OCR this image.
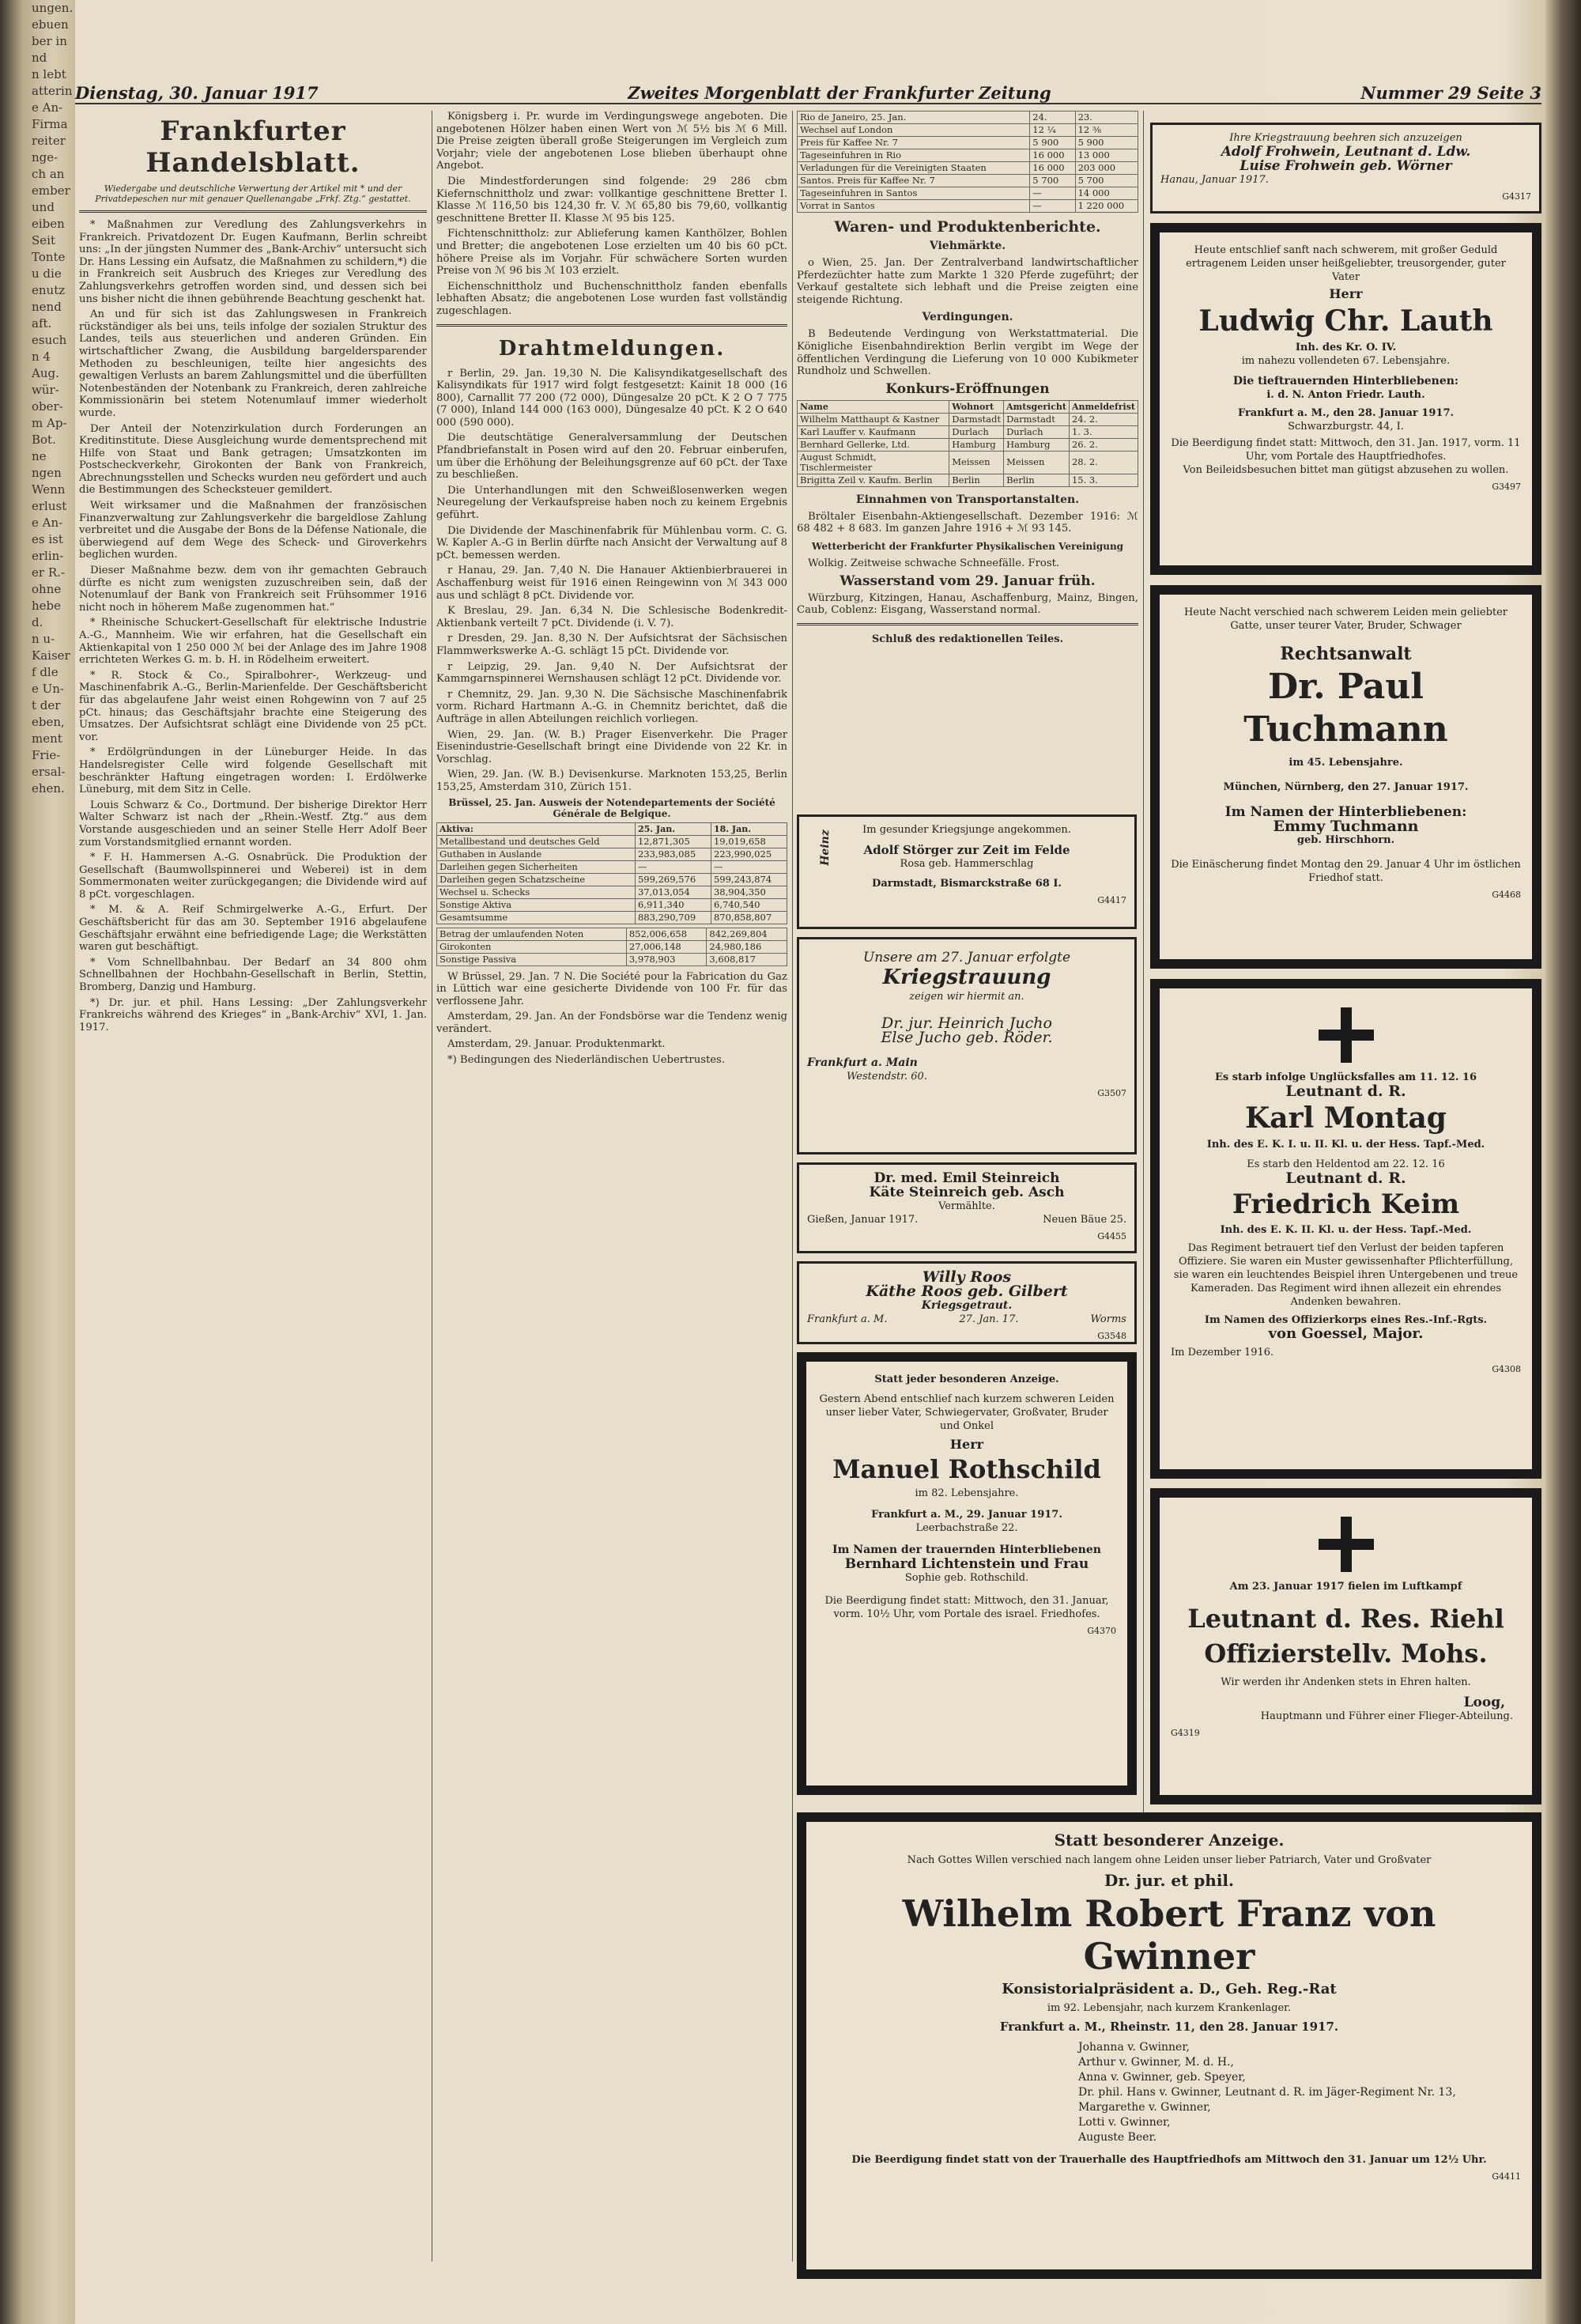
ungen.
ebuen
ber in
nd
n lebt
atterin
e An-
Firma
reiter
nge-
ch an
ember
und
eiben
Seit
Tonte
u die
enutz
nend
aft.
esuch
n 4
Aug.
wür-
ober-
m Ap-
Bot.
ne
ngen
Wenn
erlust
e An-
es ist
erlin-
er R.-
ohne
hebe
d.
n u-
Kaiser
f dle
e Un-
t der
eben,
ment
Frie-
ersal-
ehen.
Dienstag, 30. Januar 1917	Zweites Morgenblatt der Frankfurter Zeitung	Nummer 29 Seite 3
Frankfurter Handelsblatt.
Wiedergabe und deutschliche Verwertung der Artikel mit * und der Privatdepeschen nur mit genauer Quellenangabe „Frkf. Ztg.“ gestattet.

* Maßnahmen zur Veredlung des Zahlungsverkehrs in Frankreich. Privatdozent Dr. Eugen Kaufmann, Berlin schreibt uns: „In der jüngsten Nummer des „Bank-Archiv“ untersucht sich Dr. Hans Lessing ein Aufsatz, die Maßnahmen zu schildern,*) die in Frankreich seit Ausbruch des Krieges zur Veredlung des Zahlungsverkehrs getroffen worden sind, und dessen sich bei uns bisher nicht die ihnen gebührende Beachtung geschenkt hat.

An und für sich ist das Zahlungswesen in Frankreich rückständiger als bei uns, teils infolge der sozialen Struktur des Landes, teils aus steuerlichen und anderen Gründen. Ein wirtschaftlicher Zwang, die Ausbildung bargeldersparender Methoden zu beschleunigen, teilte hier angesichts des gewaltigen Verlusts an barem Zahlungsmittel und die überfüllten Notenbeständen der Notenbank zu Frankreich, deren zahlreiche Kommissionärin bei stetem Notenumlauf immer wiederholt wurde.

Der Anteil der Notenzirkulation durch Forderungen an Kreditinstitute. Diese Ausgleichung wurde dementsprechend mit Hilfe von Staat und Bank getragen; Umsatzkonten im Postscheckverkehr, Girokonten der Bank von Frankreich, Abrechnungsstellen und Schecks wurden neu gefördert und auch die Bestimmungen des Schecksteuer gemildert.

Weit wirksamer und die Maßnahmen der französischen Finanzverwaltung zur Zahlungsverkehr die bargeldlose Zahlung verbreitet und die Ausgabe der Bons de la Défense Nationale, die überwiegend auf dem Wege des Scheck- und Giroverkehrs beglichen wurden.

Dieser Maßnahme bezw. dem von ihr gemachten Gebrauch dürfte es nicht zum wenigsten zuzuschreiben sein, daß der Notenumlauf der Bank von Frankreich seit Frühsommer 1916 nicht noch in höherem Maße zugenommen hat.“

* Rheinische Schuckert-Gesellschaft für elektrische Industrie A.-G., Mannheim. Wie wir erfahren, hat die Gesellschaft ein Aktienkapital von 1 250 000 ℳ bei der Anlage des im Jahre 1908 errichteten Werkes G. m. b. H. in Rödelheim erweitert.

* R. Stock & Co., Spiralbohrer-, Werkzeug- und Maschinenfabrik A.-G., Berlin-Marienfelde. Der Geschäftsbericht für das abgelaufene Jahr weist einen Rohgewinn von 7 auf 25 pCt. hinaus; das Geschäftsjahr brachte eine Steigerung des Umsatzes. Der Aufsichtsrat schlägt eine Dividende von 25 pCt. vor.

* Erdölgründungen in der Lüneburger Heide. In das Handelsregister Celle wird folgende Gesellschaft mit beschränkter Haftung eingetragen worden: I. Erdölwerke Lüneburg, mit dem Sitz in Celle.

Louis Schwarz & Co., Dortmund. Der bisherige Direktor Herr Walter Schwarz ist nach der „Rhein.-Westf. Ztg.“ aus dem Vorstande ausgeschieden und an seiner Stelle Herr Adolf Beer zum Vorstandsmitglied ernannt worden.

* F. H. Hammersen A.-G. Osnabrück. Die Produktion der Gesellschaft (Baumwollspinnerei und Weberei) ist in dem Sommermonaten weiter zurückgegangen; die Dividende wird auf 8 pCt. vorgeschlagen.

* M. & A. Reif Schmirgelwerke A.-G., Erfurt. Der Geschäftsbericht für das am 30. September 1916 abgelaufene Geschäftsjahr erwähnt eine befriedigende Lage; die Werkstätten waren gut beschäftigt.

* Vom Schnellbahnbau. Der Bedarf an 34 800 ohm Schnellbahnen der Hochbahn-Gesellschaft in Berlin, Stettin, Bromberg, Danzig und Hamburg.

*) Dr. jur. et phil. Hans Lessing: „Der Zahlungsverkehr Frankreichs während des Krieges“ in „Bank-Archiv“ XVI, 1. Jan. 1917.

Königsberg i. Pr. wurde im Verdingungswege angeboten. Die angebotenen Hölzer haben einen Wert von ℳ 5½ bis ℳ 6 Mill. Die Preise zeigten überall große Steigerungen im Vergleich zum Vorjahr; viele der angebotenen Lose blieben überhaupt ohne Angebot.

Die Mindestforderungen sind folgende: 29 286 cbm Kiefernschnittholz und zwar: vollkantige geschnittene Bretter I. Klasse ℳ 116,50 bis 124,30 fr. V. ℳ 65,80 bis 79,60, vollkantig geschnittene Bretter II. Klasse ℳ 95 bis 125.

Fichtenschnittholz: zur Ablieferung kamen Kanthölzer, Bohlen und Bretter; die angebotenen Lose erzielten um 40 bis 60 pCt. höhere Preise als im Vorjahr. Für schwächere Sorten wurden Preise von ℳ 96 bis ℳ 103 erzielt.

Eichenschnittholz und Buchenschnittholz fanden ebenfalls lebhaften Absatz; die angebotenen Lose wurden fast vollständig zugeschlagen.

Drahtmeldungen.

r Berlin, 29. Jan. 19,30 N. Die Kalisyndikatgesellschaft des Kalisyndikats für 1917 wird folgt festgesetzt: Kainit 18 000 (16 800), Carnallit 77 200 (72 000), Düngesalze 20 pCt. K 2 O 7 775 (7 000), Inland 144 000 (163 000), Düngesalze 40 pCt. K 2 O 640 000 (590 000).

Die deutschtätige Generalversammlung der Deutschen Pfandbriefanstalt in Posen wird auf den 20. Februar einberufen, um über die Erhöhung der Beleihungsgrenze auf 60 pCt. der Taxe zu beschließen.

Die Unterhandlungen mit den Schweißlosenwerken wegen Neuregelung der Verkaufspreise haben noch zu keinem Ergebnis geführt.

Die Dividende der Maschinenfabrik für Mühlenbau vorm. C. G. W. Kapler A.-G in Berlin dürfte nach Ansicht der Verwaltung auf 8 pCt. bemessen werden.

r Hanau, 29. Jan. 7,40 N. Die Hanauer Aktienbierbrauerei in Aschaffenburg weist für 1916 einen Reingewinn von ℳ 343 000 aus und schlägt 8 pCt. Dividende vor.

K Breslau, 29. Jan. 6,34 N. Die Schlesische Bodenkredit-Aktienbank verteilt 7 pCt. Dividende (i. V. 7).

r Dresden, 29. Jan. 8,30 N. Der Aufsichtsrat der Sächsischen Flammwerkswerke A.-G. schlägt 15 pCt. Dividende vor.

r Leipzig, 29. Jan. 9,40 N. Der Aufsichtsrat der Kammgarnspinnerei Wernshausen schlägt 12 pCt. Dividende vor.

r Chemnitz, 29. Jan. 9,30 N. Die Sächsische Maschinenfabrik vorm. Richard Hartmann A.-G. in Chemnitz berichtet, daß die Aufträge in allen Abteilungen reichlich vorliegen.

Wien, 29. Jan. (W. B.) Prager Eisenverkehr. Die Prager Eisenindustrie-Gesellschaft bringt eine Dividende von 22 Kr. in Vorschlag.

Wien, 29. Jan. (W. B.) Devisenkurse. Marknoten 153,25, Berlin 153,25, Amsterdam 310, Zürich 151.

Brüssel, 25. Jan. Ausweis der Notendepartements der Société Générale de Belgique.
Aktiva:	25. Jan.	18. Jan.
Metallbestand und deutsches Geld	12,871,305	19,019,658
Guthaben in Auslande	233,983,085	223,990,025
Darleihen gegen Sicherheiten	—	—
Darleihen gegen Schatzscheine	599,269,576	599,243,874
Wechsel u. Schecks	37,013,054	38,904,350
Sonstige Aktiva	6,911,340	6,740,540
Gesamtsumme	883,290,709	870,858,807
Betrag der umlaufenden Noten	852,006,658	842,269,804
Girokonten	27,006,148	24,980,186
Sonstige Passiva	3,978,903	3,608,817

W Brüssel, 29. Jan. 7 N. Die Société pour la Fabrication du Gaz in Lüttich war eine gesicherte Dividende von 100 Fr. für das verflossene Jahr.

Amsterdam, 29. Jan. An der Fondsbörse war die Tendenz wenig verändert.

Amsterdam, 29. Januar. Produktenmarkt.

*) Bedingungen des Niederländischen Uebertrustes.

Rio de Janeiro, 25. Jan.	24.	23.
Wechsel auf London	12 ¼	12 ⅜
Preis für Kaffee Nr. 7	5 900	5 900
Tageseinfuhren in Rio	16 000	13 000
Verladungen für die Vereinigten Staaten	16 000	203 000
Santos. Preis für Kaffee Nr. 7	5 700	5 700
Tageseinfuhren in Santos	—	14 000
Vorrat in Santos	—	1 220 000
Waren- und Produktenberichte.
Viehmärkte.

o Wien, 25. Jan. Der Zentralverband landwirtschaftlicher Pferdezüchter hatte zum Markte 1 320 Pferde zugeführt; der Verkauf gestaltete sich lebhaft und die Preise zeigten eine steigende Richtung.

Verdingungen.

B Bedeutende Verdingung von Werkstattmaterial. Die Königliche Eisenbahndirektion Berlin vergibt im Wege der öffentlichen Verdingung die Lieferung von 10 000 Kubikmeter Rundholz und Schwellen.

Konkurs-Eröffnungen
Name	Wohnort	Amtsgericht	Anmeldefrist
Wilhelm Matthaupt & Kastner	Darmstadt	Darmstadt	24. 2.
Karl Lauffer v. Kaufmann	Durlach	Durlach	1. 3.
Bernhard Gellerke, Ltd.	Hamburg	Hamburg	26. 2.
August Schmidt, Tischlermeister	Meissen	Meissen	28. 2.
Brigitta Zeil v. Kaufm. Berlin	Berlin	Berlin	15. 3.
Einnahmen von Transportanstalten.

Bröltaler Eisenbahn-Aktiengesellschaft. Dezember 1916: ℳ 68 482 + 8 683. Im ganzen Jahre 1916 + ℳ 93 145.

Wetterbericht der Frankfurter Physikalischen Vereinigung

Wolkig. Zeitweise schwache Schneefälle. Frost.

Wasserstand vom 29. Januar früh.

Würzburg, Kitzingen, Hanau, Aschaffenburg, Mainz, Bingen, Caub, Coblenz: Eisgang, Wasserstand normal.

Schluß des redaktionellen Teiles.
Heinz	Im gesunder Kriegsjunge angekommen.
Adolf Störger zur Zeit im Felde
Rosa geb. Hammerschlag
Darmstadt, Bismarckstraße 68 I.
G4417
Unsere am 27. Januar erfolgte
Kriegstrauung
zeigen wir hiermit an.
Dr. jur. Heinrich Jucho
Else Jucho geb. Röder.
Frankfurt a. Main
Westendstr. 60.
G3507
Dr. med. Emil Steinreich
Käte Steinreich geb. Asch
Vermählte.
Gießen, Januar 1917.	Neuen Bäue 25.
G4455
Willy Roos
Käthe Roos geb. Gilbert
Kriegsgetraut.
Frankfurt a. M.	27. Jan. 17.	Worms
G3548
Statt jeder besonderen Anzeige.
Gestern Abend entschlief nach kurzem schweren Leiden unser lieber Vater, Schwiegervater, Großvater, Bruder und Onkel
Herr
Manuel Rothschild
im 82. Lebensjahre.
Frankfurt a. M., 29. Januar 1917.
Leerbachstraße 22.
Im Namen der trauernden Hinterbliebenen
Bernhard Lichtenstein und Frau
Sophie geb. Rothschild.
Die Beerdigung findet statt: Mittwoch, den 31. Januar, vorm. 10½ Uhr, vom Portale des israel. Friedhofes.
G4370
Ihre Kriegstrauung beehren sich anzuzeigen
Adolf Frohwein, Leutnant d. Ldw.
Luise Frohwein geb. Wörner
Hanau, Januar 1917.
G4317
Heute entschlief sanft nach schwerem, mit großer Geduld ertragenem Leiden unser heißgeliebter, treusorgender, guter Vater
Herr
Ludwig Chr. Lauth
Inh. des Kr. O. IV.
im nahezu vollendeten 67. Lebensjahre.
Die tieftrauernden Hinterbliebenen:
i. d. N. Anton Friedr. Lauth.
Frankfurt a. M., den 28. Januar 1917.
Schwarzburgstr. 44, I.
Die Beerdigung findet statt: Mittwoch, den 31. Jan. 1917, vorm. 11 Uhr, vom Portale des Hauptfriedhofes.
Von Beileidsbesuchen bittet man gütigst abzusehen zu wollen.
G3497
Heute Nacht verschied nach schwerem Leiden mein geliebter Gatte, unser teurer Vater, Bruder, Schwager
Rechtsanwalt
Dr. Paul Tuchmann
im 45. Lebensjahre.
München, Nürnberg, den 27. Januar 1917.
Im Namen der Hinterbliebenen:
Emmy Tuchmann
geb. Hirschhorn.
Die Einäscherung findet Montag den 29. Januar 4 Uhr im östlichen Friedhof statt.
G4468
Es starb infolge Unglücksfalles am 11. 12. 16
Leutnant d. R.
Karl Montag
Inh. des E. K. I. u. II. Kl. u. der Hess. Tapf.-Med.
Es starb den Heldentod am 22. 12. 16
Leutnant d. R.
Friedrich Keim
Inh. des E. K. II. Kl. u. der Hess. Tapf.-Med.
Das Regiment betrauert tief den Verlust der beiden tapferen Offiziere. Sie waren ein Muster gewissenhafter Pflichterfüllung, sie waren ein leuchtendes Beispiel ihren Untergebenen und treue Kameraden. Das Regiment wird ihnen allezeit ein ehrendes Andenken bewahren.
Im Namen des Offizierkorps eines Res.-Inf.-Rgts.
von Goessel, Major.
Im Dezember 1916.
G4308
Am 23. Januar 1917 fielen im Luftkampf
Leutnant d. Res. Riehl
Offizierstellv. Mohs.
Wir werden ihr Andenken stets in Ehren halten.
Loog,
Hauptmann und Führer einer Flieger-Abteilung.
G4319
Statt besonderer Anzeige.
Nach Gottes Willen verschied nach langem ohne Leiden unser lieber Patriarch, Vater und Großvater
Dr. jur. et phil.
Wilhelm Robert Franz von Gwinner
Konsistorialpräsident a. D., Geh. Reg.-Rat
im 92. Lebensjahr, nach kurzem Krankenlager.
Frankfurt a. M., Rheinstr. 11, den 28. Januar 1917.
Johanna v. Gwinner,
Arthur v. Gwinner, M. d. H.,
Anna v. Gwinner, geb. Speyer,
Dr. phil. Hans v. Gwinner, Leutnant d. R. im Jäger-Regiment Nr. 13,
Margarethe v. Gwinner,
Lotti v. Gwinner,
Auguste Beer.
Die Beerdigung findet statt von der Trauerhalle des Hauptfriedhofs am Mittwoch den 31. Januar um 12½ Uhr.
G4411
